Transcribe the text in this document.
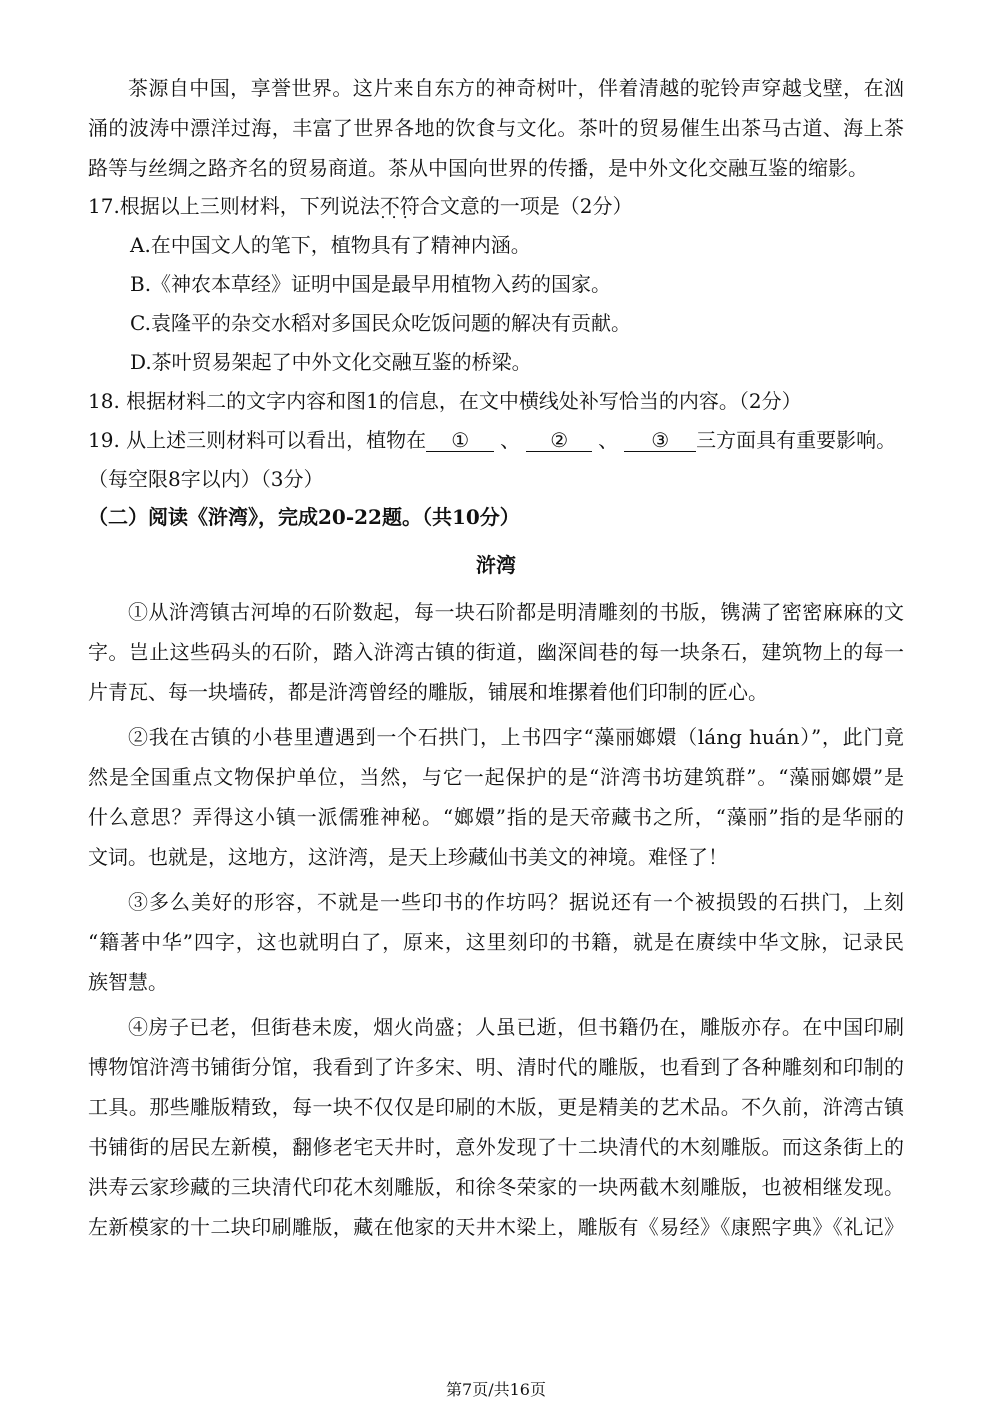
茶源自中国，享誉世界。这片来自东方的神奇树叶，伴着清越的驼铃声穿越戈壁，在汹
涌的波涛中漂洋过海，丰富了世界各地的饮食与文化。茶叶的贸易催生出茶马古道、海上茶
路等与丝绸之路齐名的贸易商道。茶从中国向世界的传播，是中外文化交融互鉴的缩影。
17.根据以上三则材料，下列说法不符合 • • •文意的一项是（2分）
A.在中国文人的笔下，植物具有了精神内涵。
B.《神农本草经》证明中国是最早用植物入药的国家。
C.袁隆平的杂交水稻对多国民众吃饭问题的解决有贡献。
D.茶叶贸易架起了中外文化交融互鉴的桥梁。
18. 根据材料二的文字内容和图1的信息，在文中横线处补写恰当的内容。（2分）
19. 从上述三则材料可以看出，植物在 ① 、 ② 、 ③ 三方面具有重要影响。
（每空限8字以内）（3分）
（二）阅读《浒湾》，完成20-22题。（共10分）
浒湾
①从浒湾镇古河埠的石阶数起，每一块石阶都是明清雕刻的书版，镌满了密密麻麻的文
字。岂止这些码头的石阶，踏入浒湾古镇的街道，幽深闾巷的每一块条石，建筑物上的每一
片青瓦、每一块墙砖，都是浒湾曾经的雕版，铺展和堆摞着他们印制的匠心。
②我在古镇的小巷里遭遇到一个石拱门，上书四字“藻丽嫏嬛（láng huán）”，此门竟
然是全国重点文物保护单位，当然，与它一起保护的是“浒湾书坊建筑群”。“藻丽嫏嬛”是
什么意思？弄得这小镇一派儒雅神秘。“嫏嬛”指的是天帝藏书之所，“藻丽”指的是华丽的
文词。也就是，这地方，这浒湾，是天上珍藏仙书美文的神境。难怪了！
③多么美好的形容，不就是一些印书的作坊吗？据说还有一个被损毁的石拱门，上刻
“籍著中华”四字，这也就明白了，原来，这里刻印的书籍，就是在赓续中华文脉，记录民
族智慧。
④房子已老，但街巷未废，烟火尚盛；人虽已逝，但书籍仍在，雕版亦存。在中国印刷
博物馆浒湾书铺街分馆，我看到了许多宋、明、清时代的雕版，也看到了各种雕刻和印制的
工具。那些雕版精致，每一块不仅仅是印刷的木版，更是精美的艺术品。不久前，浒湾古镇
书铺街的居民左新模，翻修老宅天井时，意外发现了十二块清代的木刻雕版。而这条街上的
洪寿云家珍藏的三块清代印花木刻雕版，和徐冬荣家的一块两截木刻雕版，也被相继发现。
左新模家的十二块印刷雕版，藏在他家的天井木梁上，雕版有《易经》《康熙字典》《礼记》
第7页/共16页
